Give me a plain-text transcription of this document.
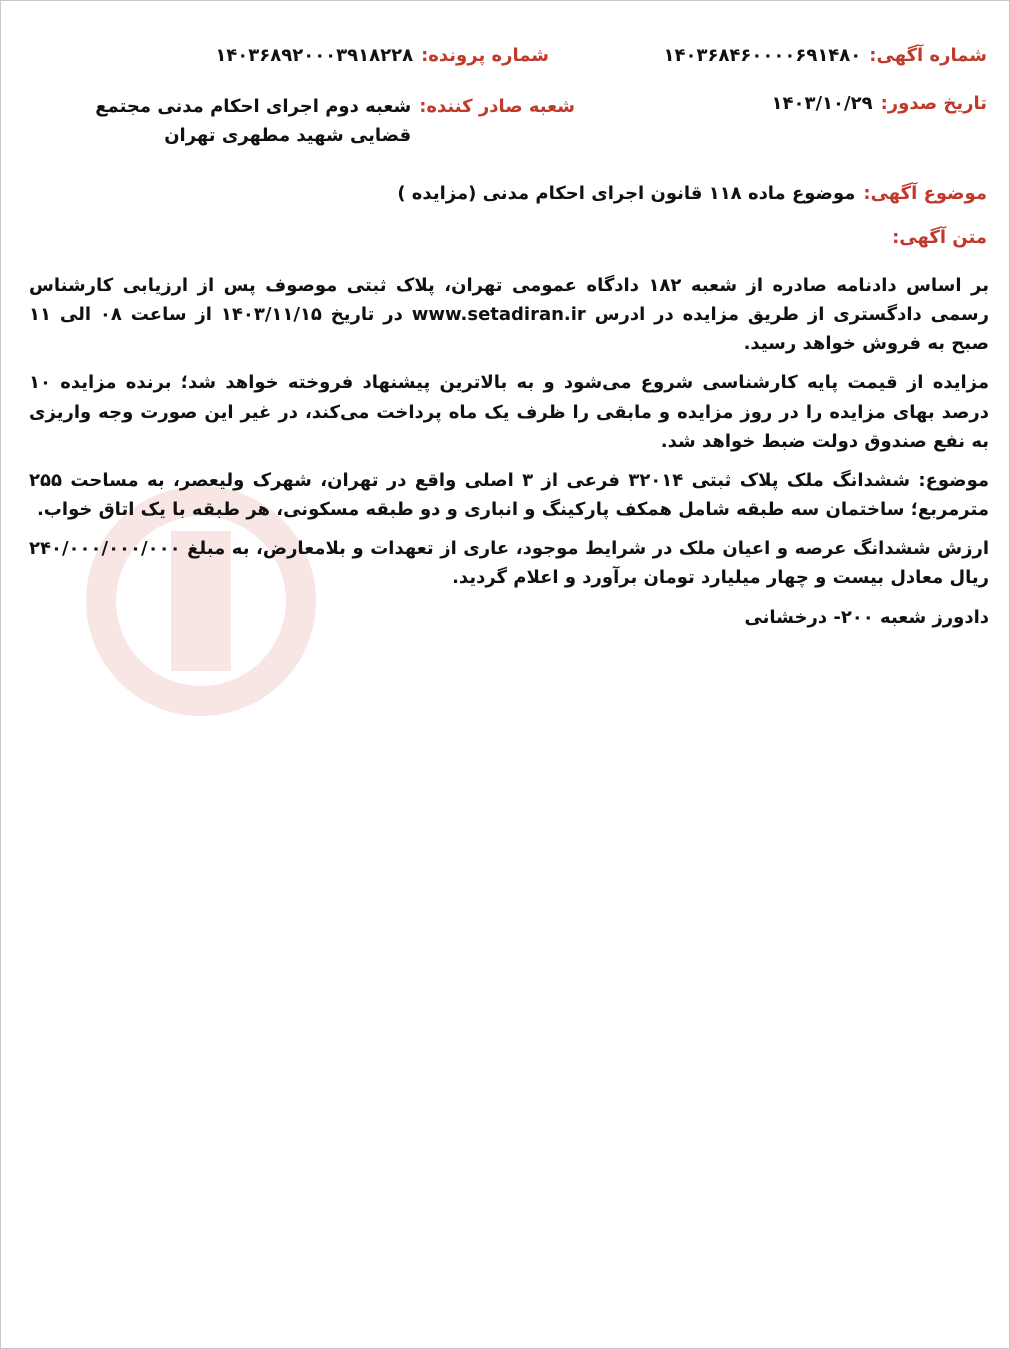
شماره آگهی:
۱۴۰۳۶۸۴۶۰۰۰۰۶۹۱۴۸۰
شماره پرونده:
۱۴۰۳۶۸۹۲۰۰۰۳۹۱۸۲۲۸
تاریخ صدور:
۱۴۰۳/۱۰/۲۹
شعبه صادر کننده:
شعبه دوم اجرای احکام مدنی مجتمع قضایی شهید مطهری تهران
موضوع آگهی:
موضوع ماده ۱۱۸ قانون اجرای احکام مدنی (مزایده )
متن آگهی:

بر اساس دادنامه صادره از شعبه ۱۸۲ دادگاه عمومی تهران، پلاک ثبتی موصوف پس از ارزیابی کارشناس رسمی دادگستری از طریق مزایده در ادرس www.setadiran.ir در تاریخ ۱۴۰۳/۱۱/۱۵ از ساعت ۰۸ الی ۱۱ صبح به فروش خواهد رسید.

مزایده از قیمت پایه کارشناسی شروع می‌شود و به بالاترین پیشنهاد فروخته خواهد شد؛ برنده مزایده ۱۰ درصد بهای مزایده را در روز مزایده و مابقی را ظرف یک ماه پرداخت می‌کند، در غیر این صورت وجه واریزی به نفع صندوق دولت ضبط خواهد شد.

موضوع: ششدانگ ملک پلاک ثبتی ۳۲۰۱۴ فرعی از ۳ اصلی واقع در تهران، شهرک ولیعصر، به مساحت ۲۵۵ مترمربع؛ ساختمان سه طبقه شامل همکف پارکینگ و انباری و دو طبقه مسکونی، هر طبقه با یک اتاق خواب.

ارزش ششدانگ عرصه و اعیان ملک در شرایط موجود، عاری از تعهدات و بلامعارض، به مبلغ ۲۴۰/۰۰۰/۰۰۰/۰۰۰ ریال معادل بیست و چهار میلیارد تومان برآورد و اعلام گردید.

دادورز شعبه ۲۰۰- درخشانی
